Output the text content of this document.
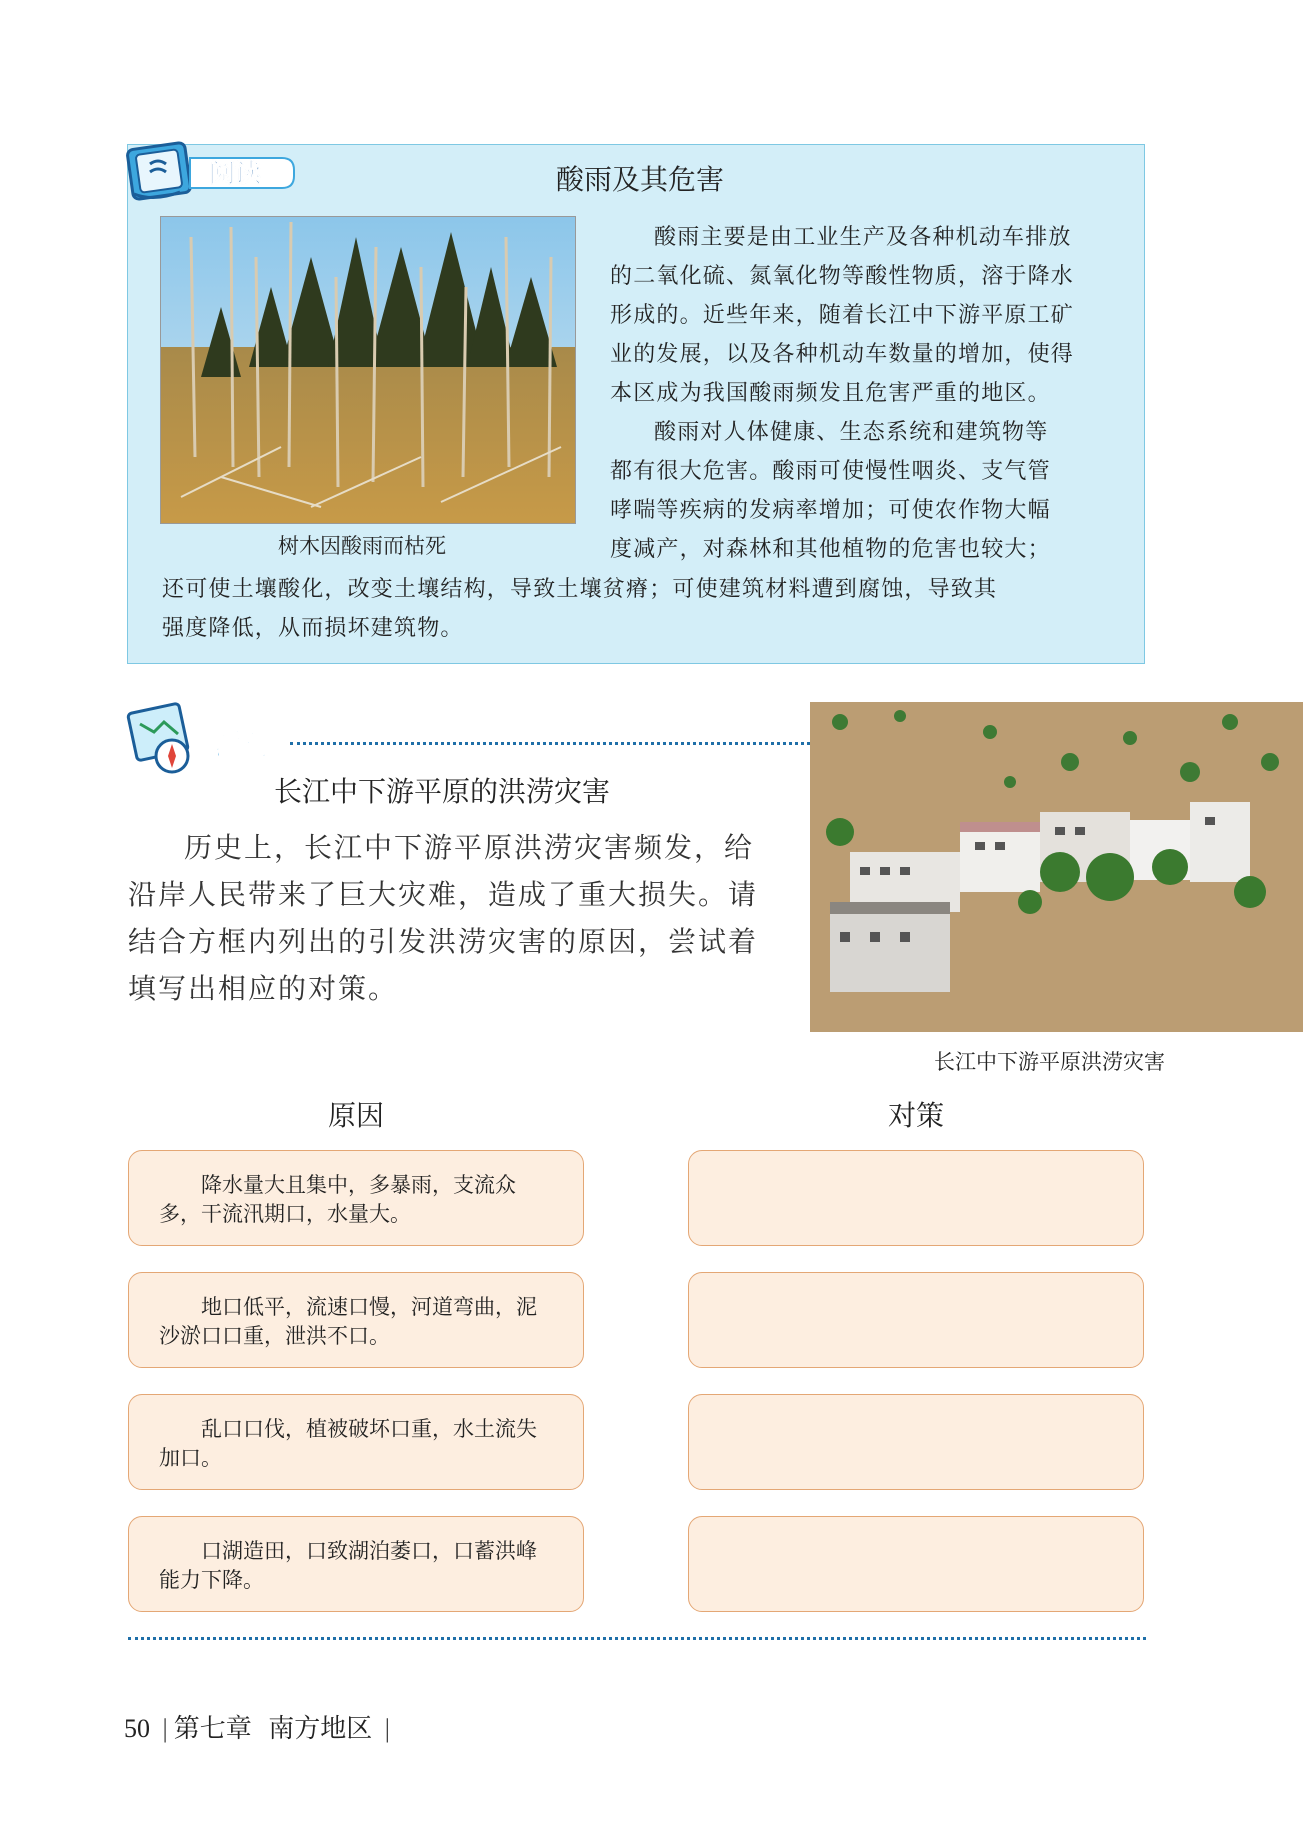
阅读	酸雨及其危害
树木因酸雨而枯死

酸雨主要是由工业生产及各种机动车排放

的二氧化硫、氮氧化物等酸性物质，溶于降水

形成的。近些年来，随着长江中下游平原工矿

业的发展，以及各种机动车数量的增加，使得

本区成为我国酸雨频发且危害严重的地区。

酸雨对人体健康、生态系统和建筑物等

都有很大危害。酸雨可使慢性咽炎、支气管

哮喘等疾病的发病率增加；可使农作物大幅

度减产，对森林和其他植物的危害也较大；

还可使土壤酸化，改变土壤结构，导致土壤贫瘠；可使建筑材料遭到腐蚀，导致其

强度降低，从而损坏建筑物。

活动
长江中下游平原洪涝灾害
长江中下游平原的洪涝灾害

历史上，长江中下游平原洪涝灾害频发，给沿岸人民带来了巨大灾难，造成了重大损失。请结合方框内列出的引发洪涝灾害的原因，尝试着填写出相应的对策。

原因	对策

降水量大且集中，多暴雨，支流众多，干流汛期口，水量大。

地口低平，流速口慢，河道弯曲，泥沙淤口口重，泄洪不口。

乱口口伐，植被破坏口重，水土流失加口。

口湖造田，口致湖泊萎口，口蓄洪峰能力下降。

50 | 第七章 南方地区 |
